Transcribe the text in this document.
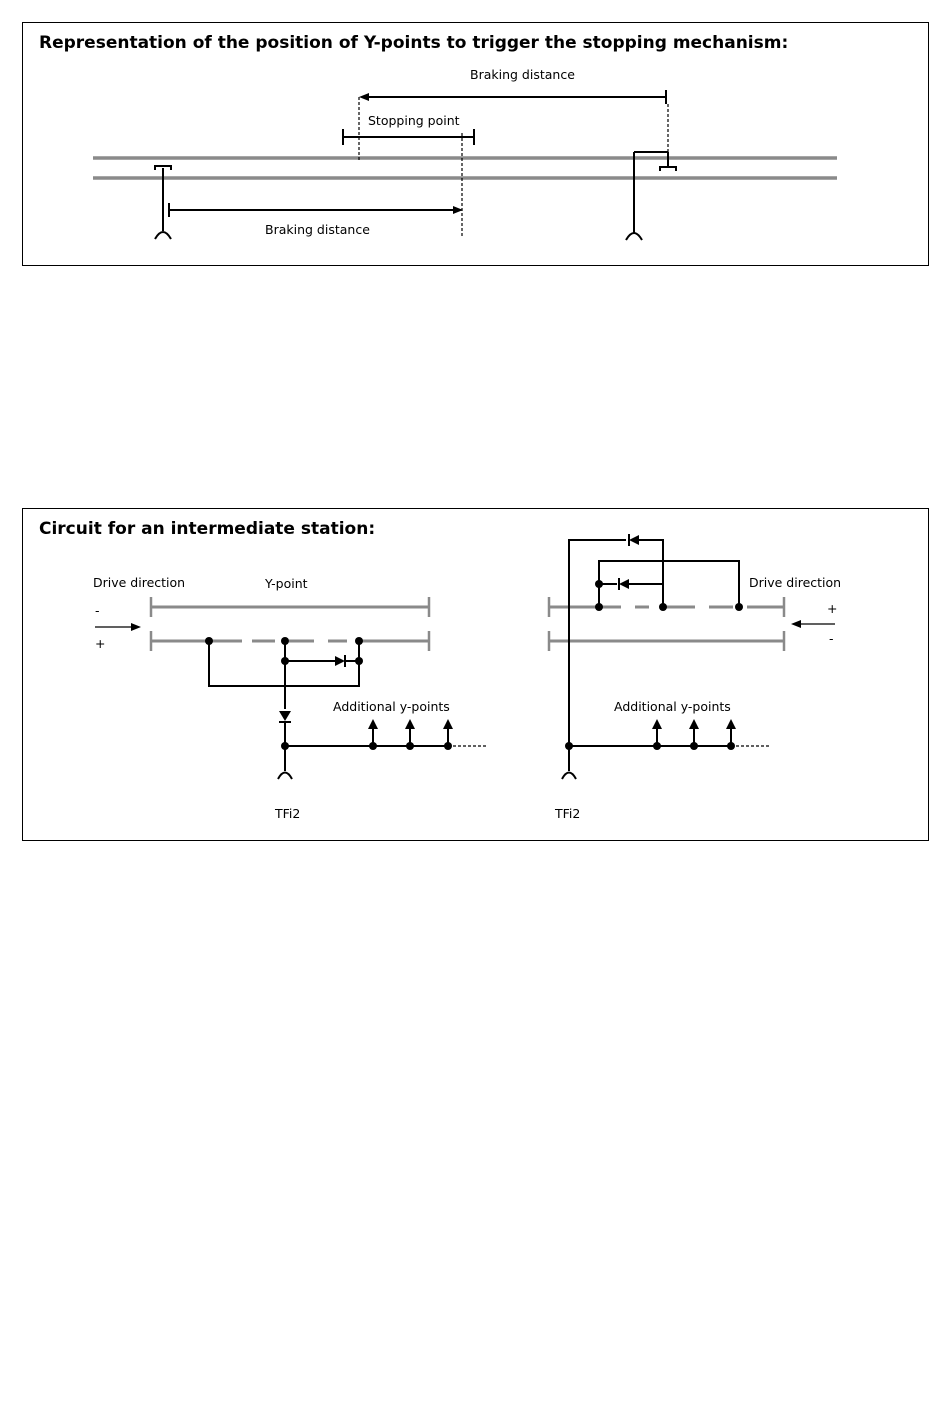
Representation of the position of Y-points to trigger the stopping mechanism:
Braking distance
Stopping point
Braking distance
Circuit for an intermediate station:
Drive direction	Y-point
-
+
Additional y-points
TFi2
Drive direction
+
-
Additional y-points
TFi2
